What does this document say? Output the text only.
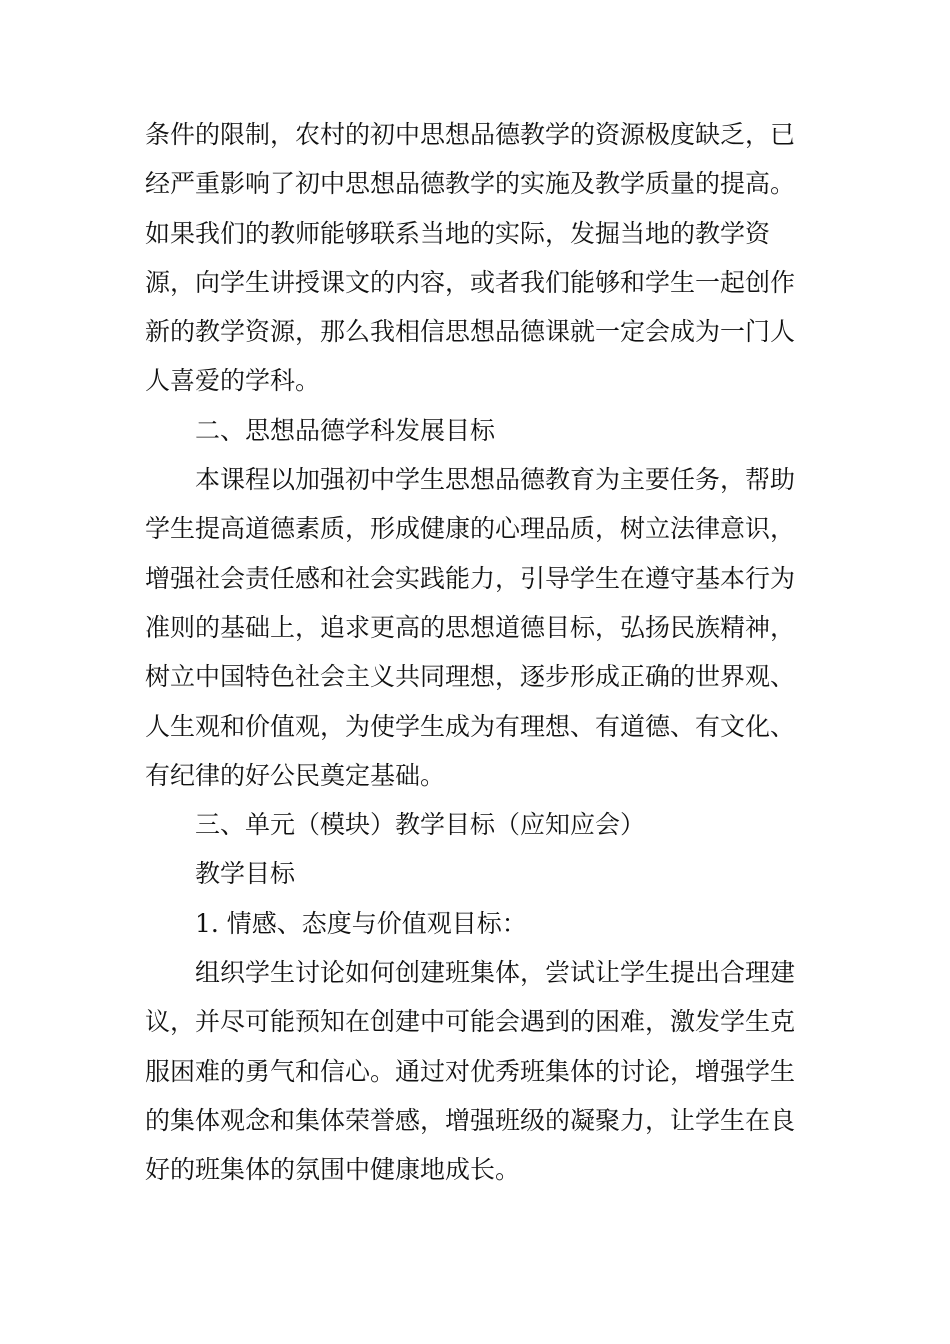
条件的限制，农村的初中思想品德教学的资源极度缺乏，已
经严重影响了初中思想品德教学的实施及教学质量的提高。
如果我们的教师能够联系当地的实际，发掘当地的教学资
源，向学生讲授课文的内容，或者我们能够和学生一起创作
新的教学资源，那么我相信思想品德课就一定会成为一门人
人喜爱的学科。
二、思想品德学科发展目标
本课程以加强初中学生思想品德教育为主要任务，帮助
学生提高道德素质，形成健康的心理品质，树立法律意识，
增强社会责任感和社会实践能力，引导学生在遵守基本行为
准则的基础上，追求更高的思想道德目标，弘扬民族精神，
树立中国特色社会主义共同理想，逐步形成正确的世界观、
人生观和价值观，为使学生成为有理想、有道德、有文化、
有纪律的好公民奠定基础。
三、单元（模块）教学目标（应知应会）
教学目标
1. 情感、态度与价值观目标：
组织学生讨论如何创建班集体，尝试让学生提出合理建
议，并尽可能预知在创建中可能会遇到的困难，激发学生克
服困难的勇气和信心。通过对优秀班集体的讨论，增强学生
的集体观念和集体荣誉感，增强班级的凝聚力，让学生在良
好的班集体的氛围中健康地成长。
